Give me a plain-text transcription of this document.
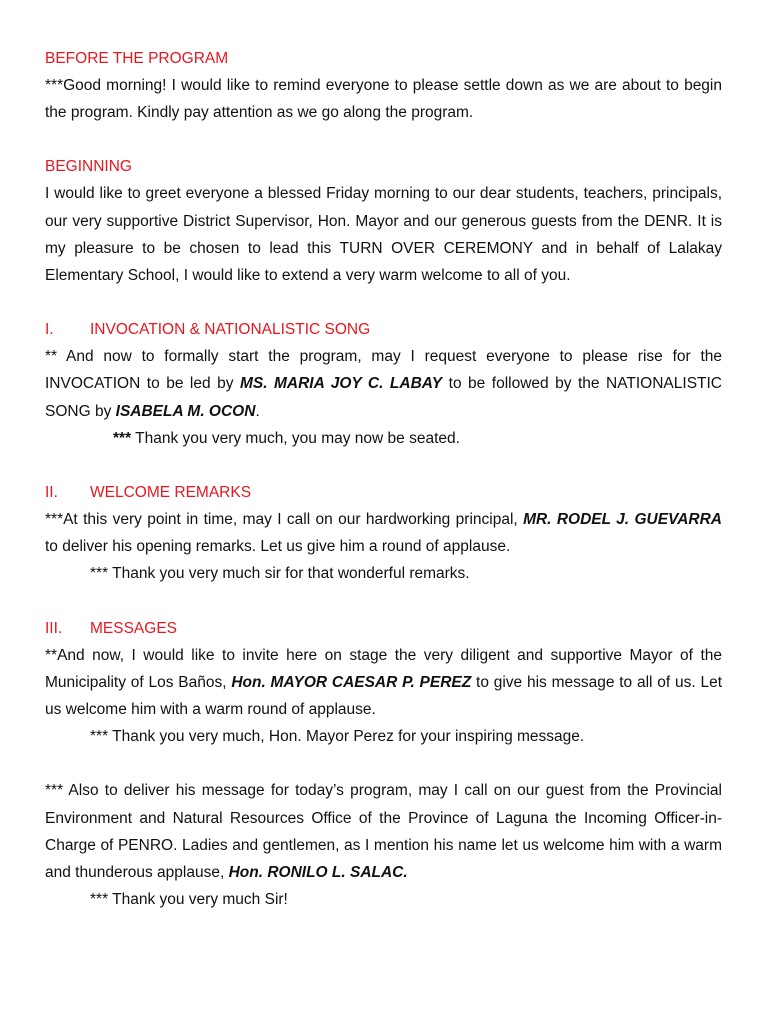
BEFORE THE PROGRAM

***Good morning! I would like to remind everyone to please settle down as we are about to begin the program. Kindly pay attention as we go along the program.

BEGINNING

I would like to greet everyone a blessed Friday morning to our dear students, teachers, principals, our very supportive District Supervisor, Hon. Mayor and our generous guests from the DENR. It is my pleasure to be chosen to lead this TURN OVER CEREMONY and in behalf of Lalakay Elementary School, I would like to extend a very warm welcome to all of you.

I. INVOCATION & NATIONALISTIC SONG

** And now to formally start the program, may I request everyone to please rise for the INVOCATION to be led by MS. MARIA JOY C. LABAY to be followed by the NATIONALISTIC SONG by ISABELA M. OCON.

*** Thank you very much, you may now be seated.

II. WELCOME REMARKS

***At this very point in time, may I call on our hardworking principal, MR. RODEL J. GUEVARRA to deliver his opening remarks. Let us give him a round of applause.

*** Thank you very much sir for that wonderful remarks.

III. MESSAGES

**And now, I would like to invite here on stage the very diligent and supportive Mayor of the Municipality of Los Baños, Hon. MAYOR CAESAR P. PEREZ to give his message to all of us. Let us welcome him with a warm round of applause.

*** Thank you very much, Hon. Mayor Perez for your inspiring message.

*** Also to deliver his message for today’s program, may I call on our guest from the Provincial Environment and Natural Resources Office of the Province of Laguna the Incoming Officer-in-Charge of PENRO. Ladies and gentlemen, as I mention his name let us welcome him with a warm and thunderous applause, Hon. RONILO L. SALAC.

*** Thank you very much Sir!
